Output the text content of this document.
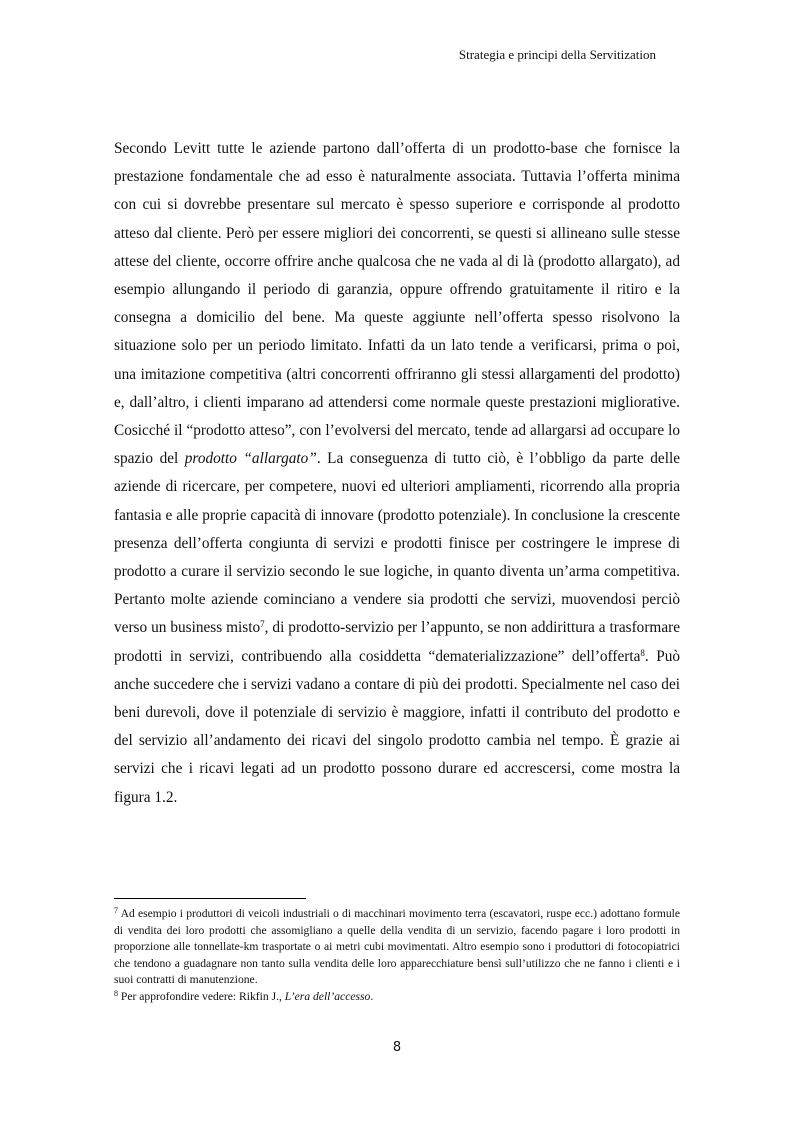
Strategia e principi della Servitization

Secondo Levitt tutte le aziende partono dall’offerta di un prodotto-base che fornisce la prestazione fondamentale che ad esso è naturalmente associata. Tuttavia l’offerta minima con cui si dovrebbe presentare sul mercato è spesso superiore e corrisponde al prodotto atteso dal cliente. Però per essere migliori dei concorrenti, se questi si allineano sulle stesse attese del cliente, occorre offrire anche qualcosa che ne vada al di là (prodotto allargato), ad esempio allungando il periodo di garanzia, oppure offrendo gratuitamente il ritiro e la consegna a domicilio del bene. Ma queste aggiunte nell’offerta spesso risolvono la situazione solo per un periodo limitato. Infatti da un lato tende a verificarsi, prima o poi, una imitazione competitiva (altri concorrenti offriranno gli stessi allargamenti del prodotto) e, dall’altro, i clienti imparano ad attendersi come normale queste prestazioni migliorative. Cosicché il “prodotto atteso”, con l’evolversi del mercato, tende ad allargarsi ad occupare lo spazio del prodotto “allargato”. La conseguenza di tutto ciò, è l’obbligo da parte delle aziende di ricercare, per competere, nuovi ed ulteriori ampliamenti, ricorrendo alla propria fantasia e alle proprie capacità di innovare (prodotto potenziale). In conclusione la crescente presenza dell’offerta congiunta di servizi e prodotti finisce per costringere le imprese di prodotto a curare il servizio secondo le sue logiche, in quanto diventa un’arma competitiva. Pertanto molte aziende cominciano a vendere sia prodotti che servizi, muovendosi perciò verso un business misto$^7$, di prodotto-servizio per l’appunto, se non addirittura a trasformare prodotti in servizi, contribuendo alla cosiddetta “dematerializzazione” dell’offerta$^8$. Può anche succedere che i servizi vadano a contare di più dei prodotti. Specialmente nel caso dei beni durevoli, dove il potenziale di servizio è maggiore, infatti il contributo del prodotto e del servizio all’andamento dei ricavi del singolo prodotto cambia nel tempo. È grazie ai servizi che i ricavi legati ad un prodotto possono durare ed accrescersi, come mostra la figura 1.2.

$^7$ Ad esempio i produttori di veicoli industriali o di macchinari movimento terra (escavatori, ruspe ecc.) adottano formule di vendita dei loro prodotti che assomigliano a quelle della vendita di un servizio, facendo pagare i loro prodotti in proporzione alle tonnellate-km trasportate o ai metri cubi movimentati. Altro esempio sono i produttori di fotocopiatrici che tendono a guadagnare non tanto sulla vendita delle loro apparecchiature bensì sull’utilizzo che ne fanno i clienti e i suoi contratti di manutenzione.

$^8$ Per approfondire vedere: Rikfin J., L’era dell’accesso.

8
